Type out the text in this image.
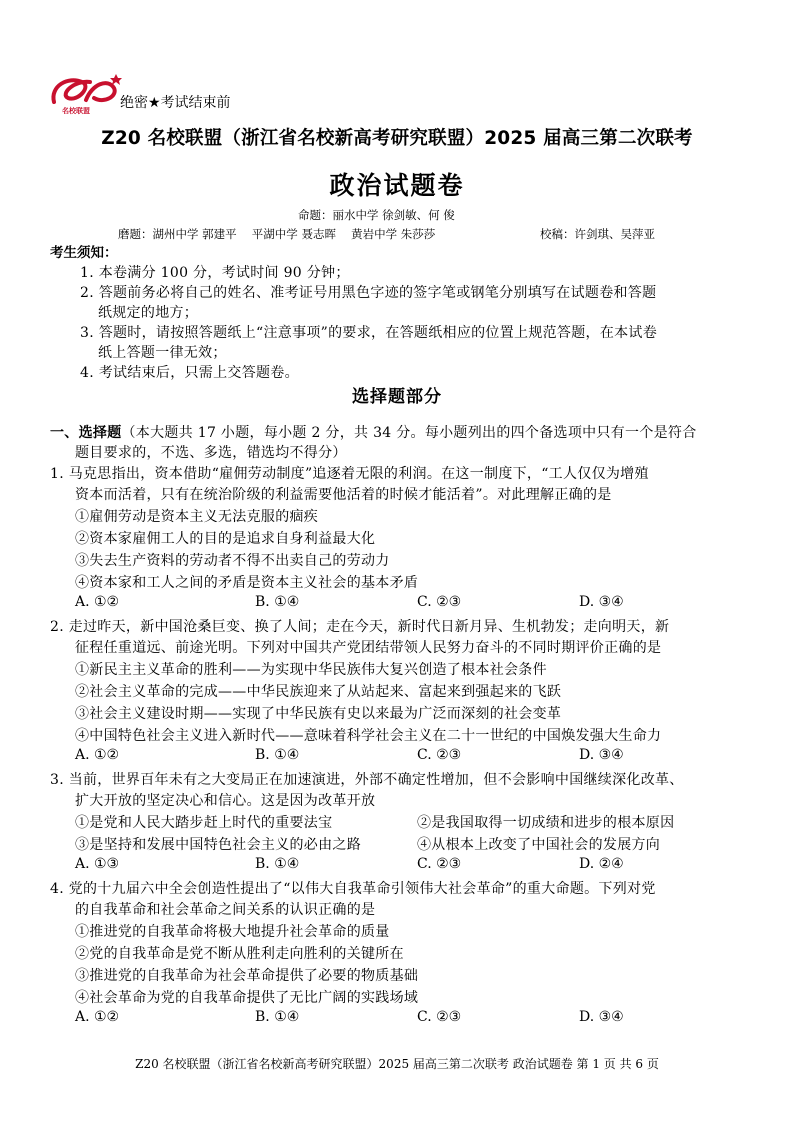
名校联盟 绝密★考试结束前
Z20 名校联盟（浙江省名校新高考研究联盟）2025 届高三第二次联考
政治试题卷
命题：丽水中学 徐剑敏、何 俊
磨题：湖州中学 郭建平　 平湖中学 聂志晖　 黄岩中学 朱莎莎	校稿：许剑琪、吴萍亚
考生须知：
1. 本卷满分 100 分，考试时间 90 分钟；
2. 答题前务必将自己的姓名、准考证号用黑色字迹的签字笔或钢笔分别填写在试题卷和答题
纸规定的地方；
3. 答题时，请按照答题纸上“注意事项”的要求，在答题纸相应的位置上规范答题，在本试卷
纸上答题一律无效；
4. 考试结束后，只需上交答题卷。
选择题部分
一、选择题（本大题共 17 小题，每小题 2 分，共 34 分。每小题列出的四个备选项中只有一个是符合
题目要求的，不选、多选，错选均不得分）
1. 马克思指出，资本借助“雇佣劳动制度”追逐着无限的利润。在这一制度下，“工人仅仅为增殖
资本而活着，只有在统治阶级的利益需要他活着的时候才能活着”。对此理解正确的是
①雇佣劳动是资本主义无法克服的痼疾
②资本家雇佣工人的目的是追求自身利益最大化
③失去生产资料的劳动者不得不出卖自己的劳动力
④资本家和工人之间的矛盾是资本主义社会的基本矛盾
A. ①②	B. ①④	C. ②③	D. ③④
2. 走过昨天，新中国沧桑巨变、换了人间；走在今天，新时代日新月异、生机勃发；走向明天，新
征程任重道远、前途光明。下列对中国共产党团结带领人民努力奋斗的不同时期评价正确的是
①新民主主义革命的胜利——为实现中华民族伟大复兴创造了根本社会条件
②社会主义革命的完成——中华民族迎来了从站起来、富起来到强起来的飞跃
③社会主义建设时期——实现了中华民族有史以来最为广泛而深刻的社会变革
④中国特色社会主义进入新时代——意味着科学社会主义在二十一世纪的中国焕发强大生命力
A. ①②	B. ①④	C. ②③	D. ③④
3. 当前，世界百年未有之大变局正在加速演进，外部不确定性增加，但不会影响中国继续深化改革、
扩大开放的坚定决心和信心。这是因为改革开放
①是党和人民大踏步赶上时代的重要法宝	②是我国取得一切成绩和进步的根本原因
③是坚持和发展中国特色社会主义的必由之路	④从根本上改变了中国社会的发展方向
A. ①③	B. ①④	C. ②③	D. ②④
4. 党的十九届六中全会创造性提出了“以伟大自我革命引领伟大社会革命”的重大命题。下列对党
的自我革命和社会革命之间关系的认识正确的是
①推进党的自我革命将极大地提升社会革命的质量
②党的自我革命是党不断从胜利走向胜利的关键所在
③推进党的自我革命为社会革命提供了必要的物质基础
④社会革命为党的自我革命提供了无比广阔的实践场域
A. ①②	B. ①④	C. ②③	D. ③④
Z20 名校联盟（浙江省名校新高考研究联盟）2025 届高三第二次联考 政治试题卷 第 1 页 共 6 页
